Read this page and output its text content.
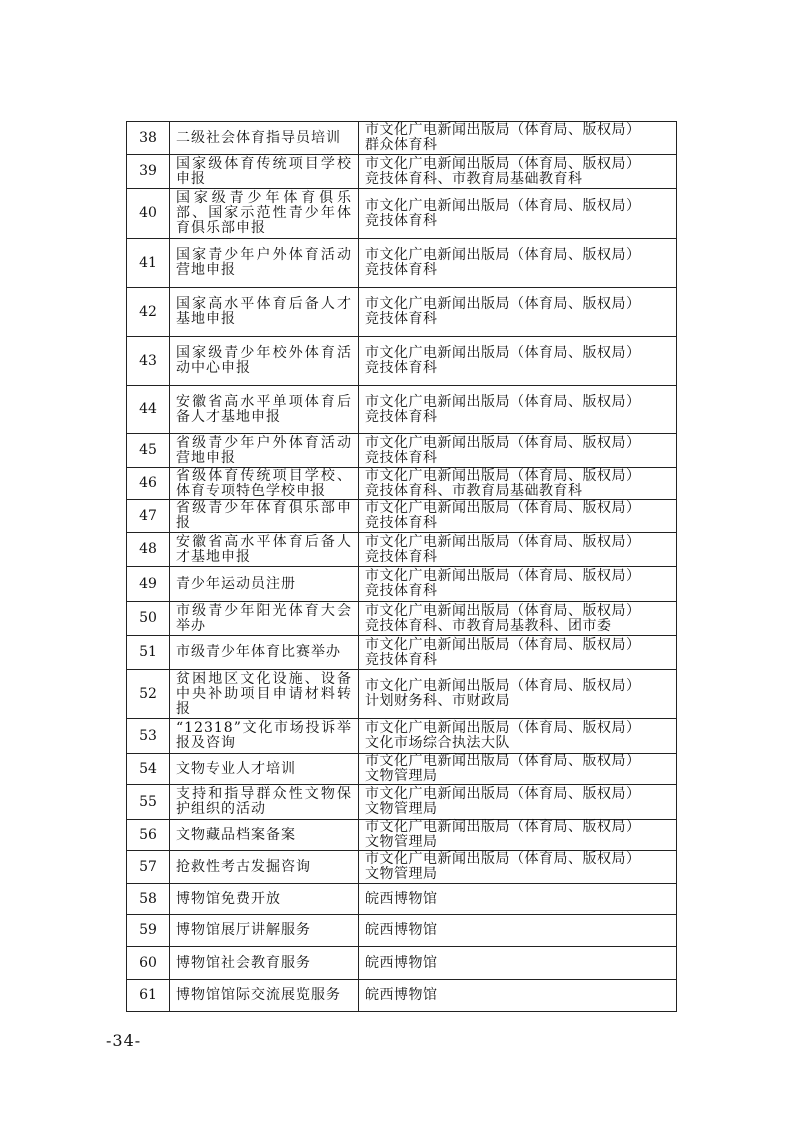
38	二级社会体育指导员培训	市文化广电新闻出版局（体育局、版权局）
群众体育科

39	国家级体育传统项目学校申报	市文化广电新闻出版局（体育局、版权局）
竞技体育科、市教育局基础教育科

40	国家级青少年体育俱乐部、国家示范性青少年体育俱乐部申报	市文化广电新闻出版局（体育局、版权局）
竞技体育科

41	国家青少年户外体育活动营地申报	市文化广电新闻出版局（体育局、版权局）
竞技体育科

42	国家高水平体育后备人才基地申报	市文化广电新闻出版局（体育局、版权局）
竞技体育科

43	国家级青少年校外体育活动中心申报	市文化广电新闻出版局（体育局、版权局）
竞技体育科

44	安徽省高水平单项体育后备人才基地申报	市文化广电新闻出版局（体育局、版权局）
竞技体育科

45	省级青少年户外体育活动营地申报	市文化广电新闻出版局（体育局、版权局）
竞技体育科

46	省级体育传统项目学校、体育专项特色学校申报	市文化广电新闻出版局（体育局、版权局）
竞技体育科、市教育局基础教育科

47	省级青少年体育俱乐部申报	市文化广电新闻出版局（体育局、版权局）
竞技体育科

48	安徽省高水平体育后备人才基地申报	市文化广电新闻出版局（体育局、版权局）
竞技体育科

49	青少年运动员注册	市文化广电新闻出版局（体育局、版权局）
竞技体育科

50	市级青少年阳光体育大会举办	市文化广电新闻出版局（体育局、版权局）
竞技体育科、市教育局基教科、团市委

51	市级青少年体育比赛举办	市文化广电新闻出版局（体育局、版权局）
竞技体育科

52	贫困地区文化设施、设备中央补助项目申请材料转报	市文化广电新闻出版局（体育局、版权局）
计划财务科、市财政局

53	“12318”文化市场投诉举报及咨询	市文化广电新闻出版局（体育局、版权局）
文化市场综合执法大队

54	文物专业人才培训	市文化广电新闻出版局（体育局、版权局）
文物管理局

55	支持和指导群众性文物保护组织的活动	市文化广电新闻出版局（体育局、版权局）
文物管理局

56	文物藏品档案备案	市文化广电新闻出版局（体育局、版权局）
文物管理局

57	抢救性考古发掘咨询	市文化广电新闻出版局（体育局、版权局）
文物管理局

58	博物馆免费开放	皖西博物馆

59	博物馆展厅讲解服务	皖西博物馆

60	博物馆社会教育服务	皖西博物馆

61	博物馆馆际交流展览服务	皖西博物馆
-34-
